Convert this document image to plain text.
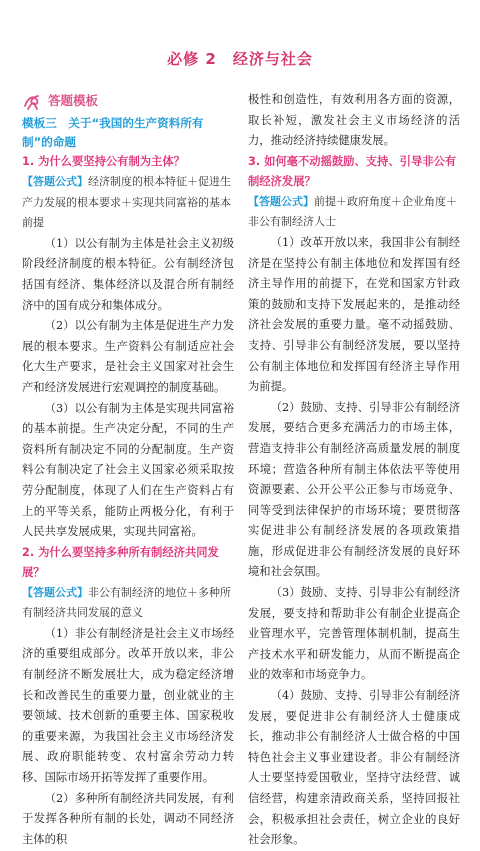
必修 2　经济与社会
答题模板
模板三　关于“我国的生产资料所有制”的命题
1. 为什么要坚持公有制为主体？
【答题公式】经济制度的根本特征＋促进生产力发展的根本要求＋实现共同富裕的基本前提

（1）以公有制为主体是社会主义初级阶段经济制度的根本特征。公有制经济包括国有经济、集体经济以及混合所有制经济中的国有成分和集体成分。

（2）以公有制为主体是促进生产力发展的根本要求。生产资料公有制适应社会化大生产要求，是社会主义国家对社会生产和经济发展进行宏观调控的制度基础。

（3）以公有制为主体是实现共同富裕的基本前提。生产决定分配，不同的生产资料所有制决定不同的分配制度。生产资料公有制决定了社会主义国家必须采取按劳分配制度，体现了人们在生产资料占有上的平等关系，能防止两极分化，有利于人民共享发展成果，实现共同富裕。

2. 为什么要坚持多种所有制经济共同发展？
【答题公式】非公有制经济的地位＋多种所有制经济共同发展的意义

（1）非公有制经济是社会主义市场经济的重要组成部分。改革开放以来，非公有制经济不断发展壮大，成为稳定经济增长和改善民生的重要力量，创业就业的主要领域、技术创新的重要主体、国家税收的重要来源，为我国社会主义市场经济发展、政府职能转变、农村富余劳动力转移、国际市场开拓等发挥了重要作用。

（2）多种所有制经济共同发展，有利于发挥各种所有制的长处，调动不同经济主体的积

极性和创造性，有效利用各方面的资源，取长补短，激发社会主义市场经济的活力，推动经济持续健康发展。

3. 如何毫不动摇鼓励、支持、引导非公有制经济发展？
【答题公式】前提＋政府角度＋企业角度＋非公有制经济人士

（1）改革开放以来，我国非公有制经济是在坚持公有制主体地位和发挥国有经济主导作用的前提下，在党和国家方针政策的鼓励和支持下发展起来的，是推动经济社会发展的重要力量。毫不动摇鼓励、支持、引导非公有制经济发展，要以坚持公有制主体地位和发挥国有经济主导作用为前提。

（2）鼓励、支持、引导非公有制经济发展，要结合更多充满活力的市场主体，营造支持非公有制经济高质量发展的制度环境；营造各种所有制主体依法平等使用资源要素、公开公平公正参与市场竞争、同等受到法律保护的市场环境；要贯彻落实促进非公有制经济发展的各项政策措施，形成促进非公有制经济发展的良好环境和社会氛围。

（3）鼓励、支持、引导非公有制经济发展，要支持和帮助非公有制企业提高企业管理水平，完善管理体制机制，提高生产技术水平和研发能力，从而不断提高企业的效率和市场竞争力。

（4）鼓励、支持、引导非公有制经济发展，要促进非公有制经济人士健康成长，推动非公有制经济人士做合格的中国特色社会主义事业建设者。非公有制经济人士要坚持爱国敬业，坚持守法经营、诚信经营，构建亲清政商关系，坚持回报社会，积极承担社会责任，树立企业的良好社会形象。
